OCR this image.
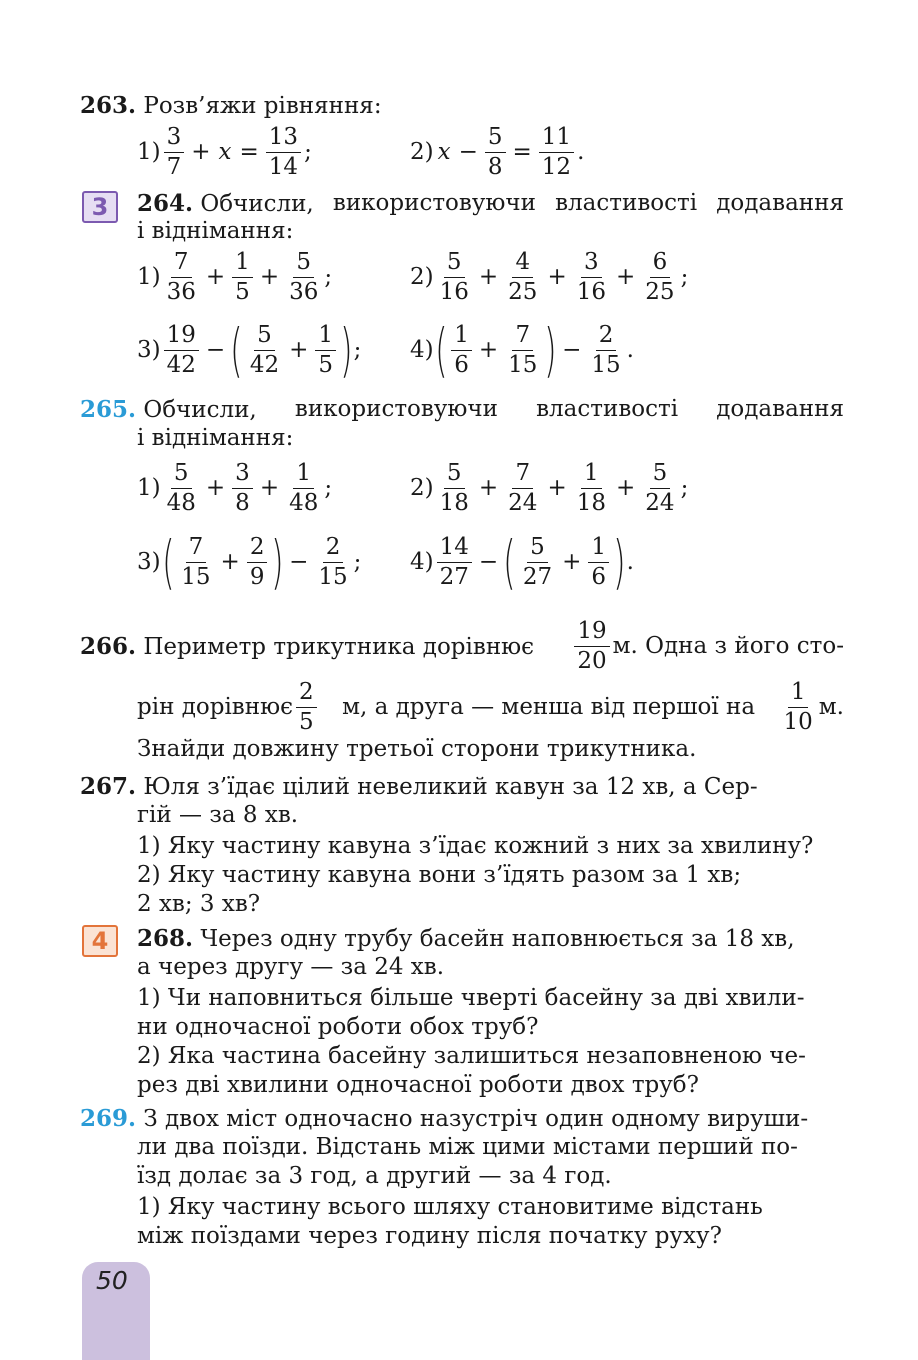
263. Розв’яжи рівняння:
$1) \frac{3}{7} + x = \frac{13}{14}$ ;	2) $x - \frac{5}{8} = \frac{11}{12}$ .
3	264. Обчисли, використовуючи властивості додавання
і віднімання:
$1) \frac{7}{36} + \frac{1}{5} + \frac{5}{36}$ ;	$2) \frac{5}{16} + \frac{4}{25} + \frac{3}{16} + \frac{6}{25}$ ;
$3) \frac{19}{42}$ − ( $\frac{5}{42} + \frac{1}{5}$ ) ; 4) ( $\frac{1}{6} + \frac{7}{15}$ ) − $\frac{2}{15}$ .
265. Обчисли, використовуючи властивості додавання
і віднімання:
$1) \frac{5}{48} + \frac{3}{8} + \frac{1}{48}$ ;	$2) \frac{5}{18} + \frac{7}{24} + \frac{1}{18} + \frac{5}{24}$ ;
3) ( $\frac{7}{15} + \frac{2}{9}$ ) − $\frac{2}{15}$ ; $4) \frac{14}{27}$ − ( $\frac{5}{27} + \frac{1}{6}$ ) .
266. Периметр трикутника дорівнює $\frac{19}{20} м$. Одна з його сто-
рін дорівнює $\frac{2}{5} м$, а друга — менша від першої на $\frac{1}{10} м$.
Знайди довжину третьої сторони трикутника.
267. Юля з’їдає цілий невеликий кавун за 12 хв, а Сер-
гій — за 8 хв.
1) Яку частину кавуна з’їдає кожний з них за хвилину?
2) Яку частину кавуна вони з’їдять разом за 1 хв;
2 хв; 3 хв?
4	268. Через одну трубу басейн наповнюється за 18 хв,
а через другу — за 24 хв.
1) Чи наповниться більше чверті басейну за дві хвили-
ни одночасної роботи обох труб?
2) Яка частина басейну залишиться незаповненою че-
рез дві хвилини одночасної роботи двох труб?
269. З двох міст одночасно назустріч один одному вируши-
ли два поїзди. Відстань між цими містами перший по-
їзд долає за 3 год, а другий — за 4 год.
1) Яку частину всього шляху становитиме відстань
між поїздами через годину після початку руху?
50
